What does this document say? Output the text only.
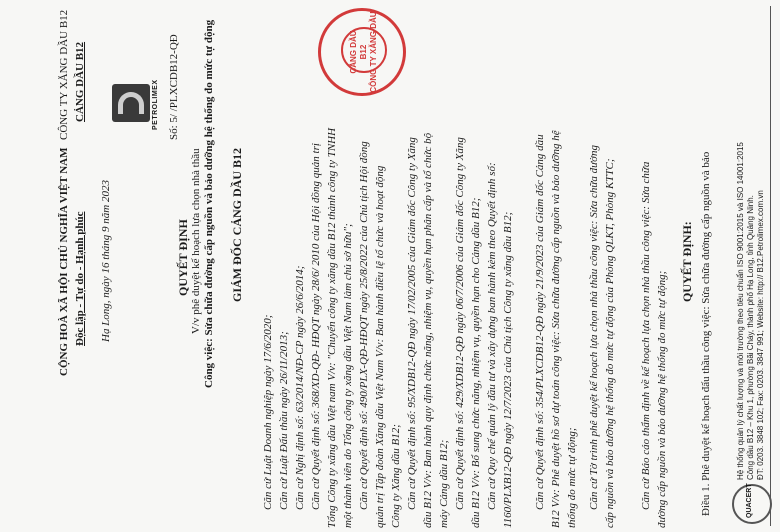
CÔNG TY XĂNG DẦU B12 CẢNG DẦU B12	PETROLIMEX Số: 5/ /PLXCDB12-QĐ
CỘNG HOÀ XÃ HỘI CHỦ NGHĨA VIỆT NAM Độc lập - Tự do - Hạnh phúc Hạ Long, ngày 16 tháng 9 năm 2023
CẢNG DẦU B12 CÔNG TY XĂNG DẦU
QUYẾT ĐỊNH V/v phê duyệt kế hoạch lựa chọn nhà thầu Công việc: Sửa chữa đường cấp nguồn và bảo dưỡng hệ thống đo mức tự động GIÁM ĐỐC CẢNG DẦU B12
Căn cứ Luật Doanh nghiệp ngày 17/6/2020; Căn cứ Luật Đấu thầu ngày 26/11/2013; Căn cứ Nghị định số: 63/2014/NĐ-CP ngày 26/6/2014; Căn cứ Quyết định số: 368/XD-QĐ- HĐQT ngày 28/6/ 2010 của Hội đồng quản trị Tổng Công ty xăng dầu Việt nam V/v: "Chuyển công ty xăng dầu B12 thành công ty TNHH một thành viên do Tổng công ty xăng dầu Việt Nam làm chủ sở hữu"; Căn cứ Quyết định số: 490/PLX-QĐ-HĐQT ngày 25/8/2022 của Chủ tịch Hội đồng quản trị Tập đoàn Xăng dầu Việt Nam V/v: Ban hành điều lệ tổ chức và hoạt động Công ty Xăng dầu B12; Căn cứ Quyết định số: 95/XDB12-QĐ ngày 17/02/2005 của Giám đốc Công ty Xăng dầu B12 V/v: Ban hành quy định chức năng, nhiệm vụ, quyền hạn phân cấp và tổ chức bộ máy Cảng dầu B12; Căn cứ Quyết định số: 429/XDB12-QĐ ngày 06/7/2006 của Giám đốc Công ty Xăng dầu B12 V/v: Bổ sung chức năng, nhiệm vụ, quyền hạn cho Cảng dầu B12; Căn cứ Quy chế quản lý đầu tư và xây dựng ban hành kèm theo Quyết định số: 1160/PLXB12-QĐ ngày 12/7/2023 của Chủ tịch Công ty xăng dầu B12; Căn cứ Quyết định số: 354/PLXCDB12-QĐ ngày 21/9/2023 của Giám đốc Cảng dầu B12 V/v: Phê duyệt hồ sơ dự toán công việc: Sửa chữa đường cấp nguồn và bảo dưỡng hệ thống đo mức tự động; Căn cứ Tờ trình phê duyệt kế hoạch lựa chọn nhà thầu công việc: Sửa chữa đường cấp nguồn và bảo dưỡng hệ thống đo mức tự động của Phòng QLKT, Phòng KTTC; Căn cứ Báo cáo thẩm định về kế hoạch lựa chọn nhà thầu công việc: Sửa chữa đường cấp nguồn và bảo dưỡng hệ thống đo mức tự động;
QUYẾT ĐỊNH: Điều 1. Phê duyệt kế hoạch đấu thầu công việc: Sửa chữa đường cấp nguồn và bảo	QUACERT
Hệ thống quản lý chất lượng và môi trường theo tiêu chuẩn ISO 9001:2015 và ISO 14001:2015 Công dầu B12 – Khu 1, phường Bãi Cháy, thành phố Hạ Long, tỉnh Quảng Ninh. ĐT: 0203. 3848 102; Fax: 0203. 3847 991; Website: http:// B12.Petrolimex.com.vn
